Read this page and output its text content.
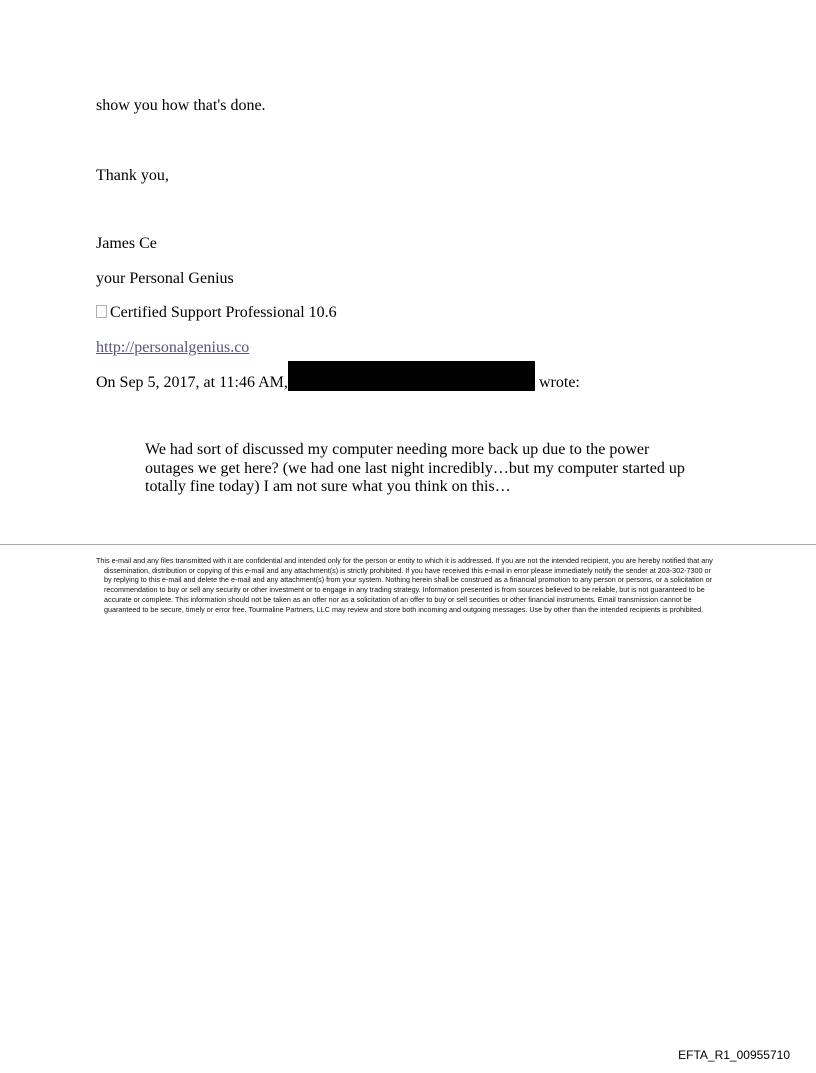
show you how that's done.
Thank you,
James Ce
your Personal Genius
Certified Support Professional 10.6
http://personalgenius.co
On Sep 5, 2017, at 11:46 AM,	wrote:
We had sort of discussed my computer needing more back up due to the power outages we get here? (we had one last night incredibly…but my computer started up totally fine today) I am not sure what you think on this…
This e-mail and any files transmitted with it are confidential and intended only for the person or entity to which it is addressed. If you are not the intended recipient, you are hereby notified that any dissemination, distribution or copying of this e-mail and any attachment(s) is strictly prohibited. If you have received this e-mail in error please immediately notify the sender at 203-302-7300 or by replying to this e-mail and delete the e-mail and any attachment(s) from your system. Nothing herein shall be construed as a financial promotion to any person or persons, or a solicitation or recommendation to buy or sell any security or other investment or to engage in any trading strategy. Information presented is from sources believed to be reliable, but is not guaranteed to be accurate or complete. This information should not be taken as an offer nor as a solicitation of an offer to buy or sell securities or other financial instruments. Email transmission cannot be guaranteed to be secure, timely or error free. Tourmaline Partners, LLC may review and store both incoming and outgoing messages. Use by other than the intended recipients is prohibited.
EFTA_R1_00955710
